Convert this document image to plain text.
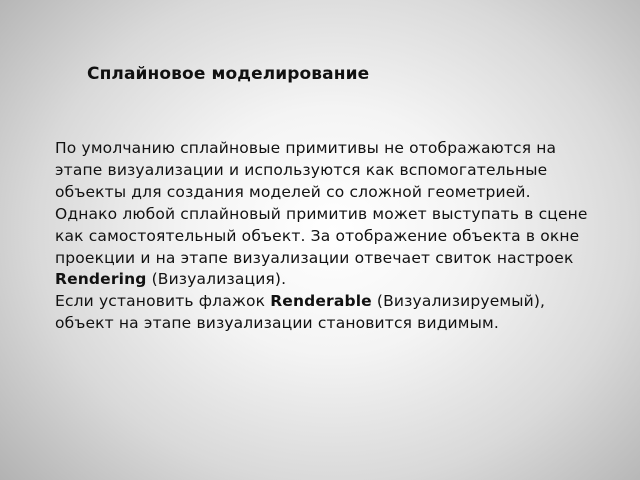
Сплайновое моделирование
По умолчанию сплайновые примитивы не отображаются на этапе визуализации и используются как вспомогательные объекты для создания моделей со сложной геометрией. Однако любой сплайновый примитив может выступать в сцене как самостоятельный объект. За отображение объекта в окне проекции и на этапе визуализации отвечает свиток настроек Rendering (Визуализация).
Если установить флажок Renderable (Визуализируемый), объект на этапе визуализации становится видимым.
